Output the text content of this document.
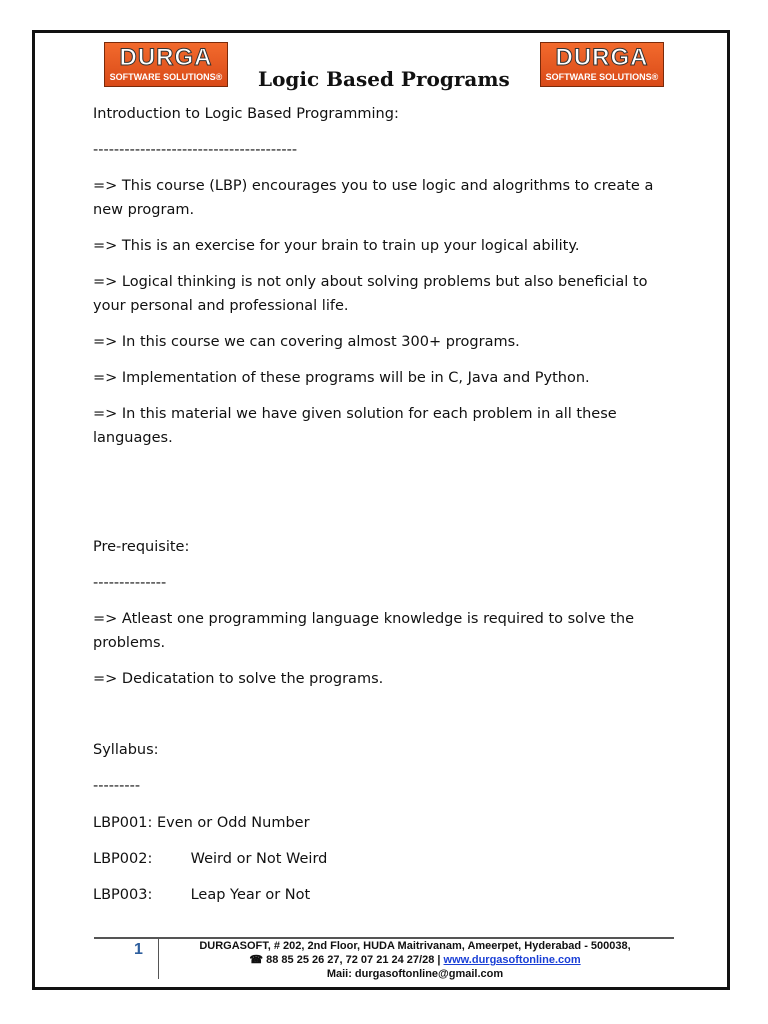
DURGA
SOFTWARE SOLUTIONS® Logic Based Programs
DURGA
SOFTWARE SOLUTIONS®
Introduction to Logic Based Programming:
---------------------------------------
=> This course (LBP) encourages you to use logic and alogrithms to create a new program.
=> This is an exercise for your brain to train up your logical ability.
=> Logical thinking is not only about solving problems but also beneficial to your personal and professional life.
=> In this course we can covering almost 300+ programs.
=> Implementation of these programs will be in C, Java and Python.
=> In this material we have given solution for each problem in all these languages.
Pre-requisite:
--------------
=> Atleast one programming language knowledge is required to solve the problems.
=> Dedicatation to solve the programs.
Syllabus:
---------
LBP001: Even or Odd Number
LBP002:	Weird or Not Weird
LBP003:	Leap Year or Not
1	DURGASOFT, # 202, 2nd Floor, HUDA Maitrivanam, Ameerpet, Hyderabad - 500038,
☎ 88 85 25 26 27, 72 07 21 24 27/28 | www.durgasoftonline.com
Maii: durgasoftonline@gmail.com
